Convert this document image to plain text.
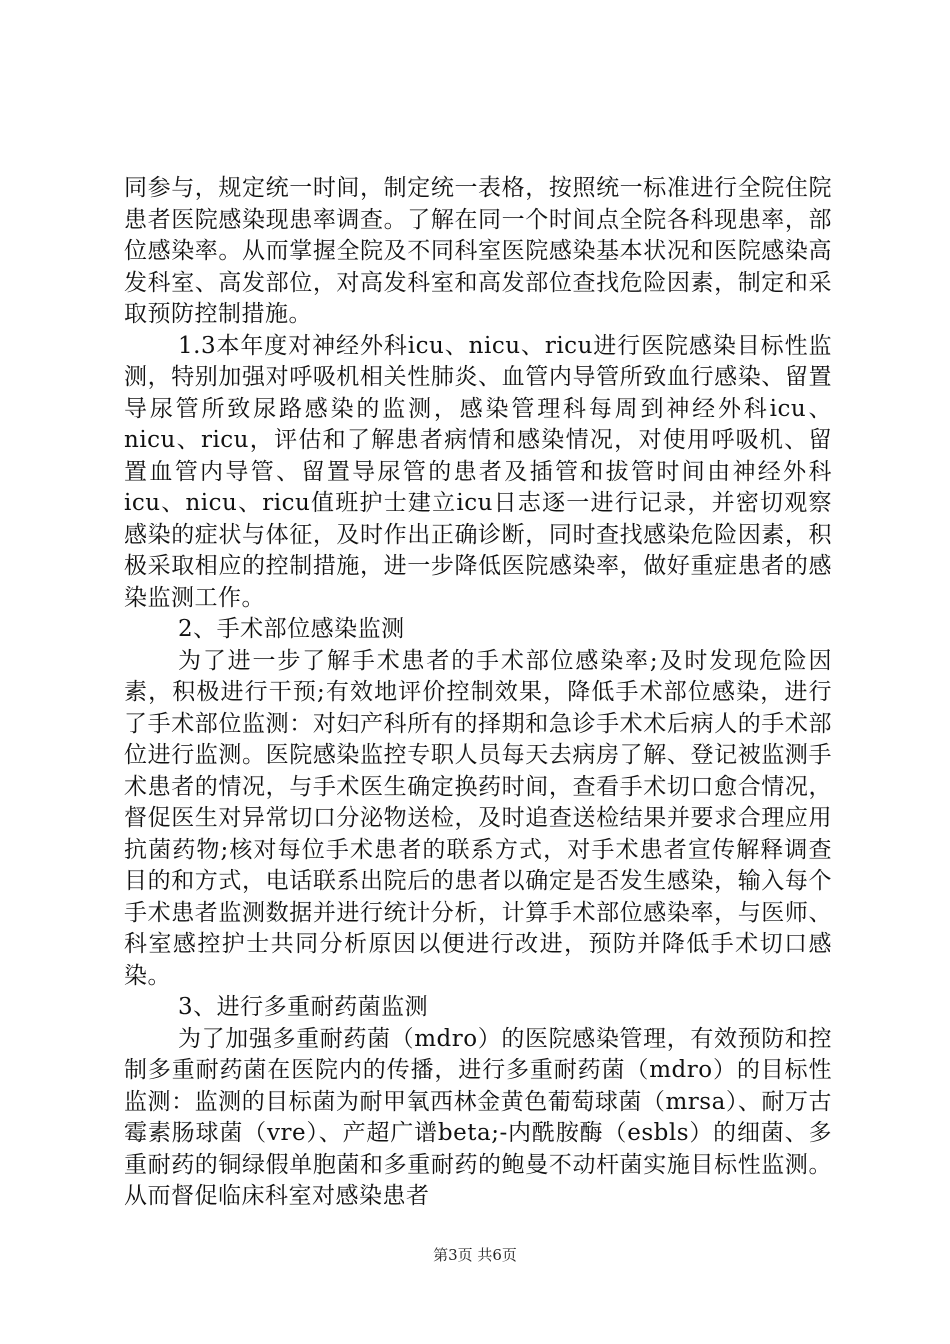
同参与，规定统一时间，制定统一表格，按照统一标准进行全院住院患者医院感染现患率调查。了解在同一个时间点全院各科现患率，部位感染率。从而掌握全院及不同科室医院感染基本状况和医院感染高发科室、高发部位，对高发科室和高发部位查找危险因素，制定和采取预防控制措施。

1.3本年度对神经外科icu、nicu、ricu进行医院感染目标性监测，特别加强对呼吸机相关性肺炎、血管内导管所致血行感染、留置导尿管所致尿路感染的监测，感染管理科每周到神经外科icu、nicu、ricu，评估和了解患者病情和感染情况，对使用呼吸机、留置血管内导管、留置导尿管的患者及插管和拔管时间由神经外科icu、nicu、ricu值班护士建立icu日志逐一进行记录，并密切观察感染的症状与体征，及时作出正确诊断，同时查找感染危险因素，积极采取相应的控制措施，进一步降低医院感染率，做好重症患者的感染监测工作。

2、手术部位感染监测

为了进一步了解手术患者的手术部位感染率;及时发现危险因素，积极进行干预;有效地评价控制效果，降低手术部位感染，进行了手术部位监测：对妇产科所有的择期和急诊手术术后病人的手术部位进行监测。医院感染监控专职人员每天去病房了解、登记被监测手术患者的情况，与手术医生确定换药时间，查看手术切口愈合情况，督促医生对异常切口分泌物送检，及时追查送检结果并要求合理应用抗菌药物;核对每位手术患者的联系方式，对手术患者宣传解释调查目的和方式，电话联系出院后的患者以确定是否发生感染，输入每个手术患者监测数据并进行统计分析，计算手术部位感染率，与医师、科室感控护士共同分析原因以便进行改进，预防并降低手术切口感染。

3、进行多重耐药菌监测

为了加强多重耐药菌（mdro）的医院感染管理，有效预防和控制多重耐药菌在医院内的传播，进行多重耐药菌（mdro）的目标性监测：监测的目标菌为耐甲氧西林金黄色葡萄球菌（mrsa）、耐万古霉素肠球菌（vre）、产超广谱beta;-内酰胺酶（esbls）的细菌、多重耐药的铜绿假单胞菌和多重耐药的鲍曼不动杆菌实施目标性监测。从而督促临床科室对感染患者

第3页 共6页
